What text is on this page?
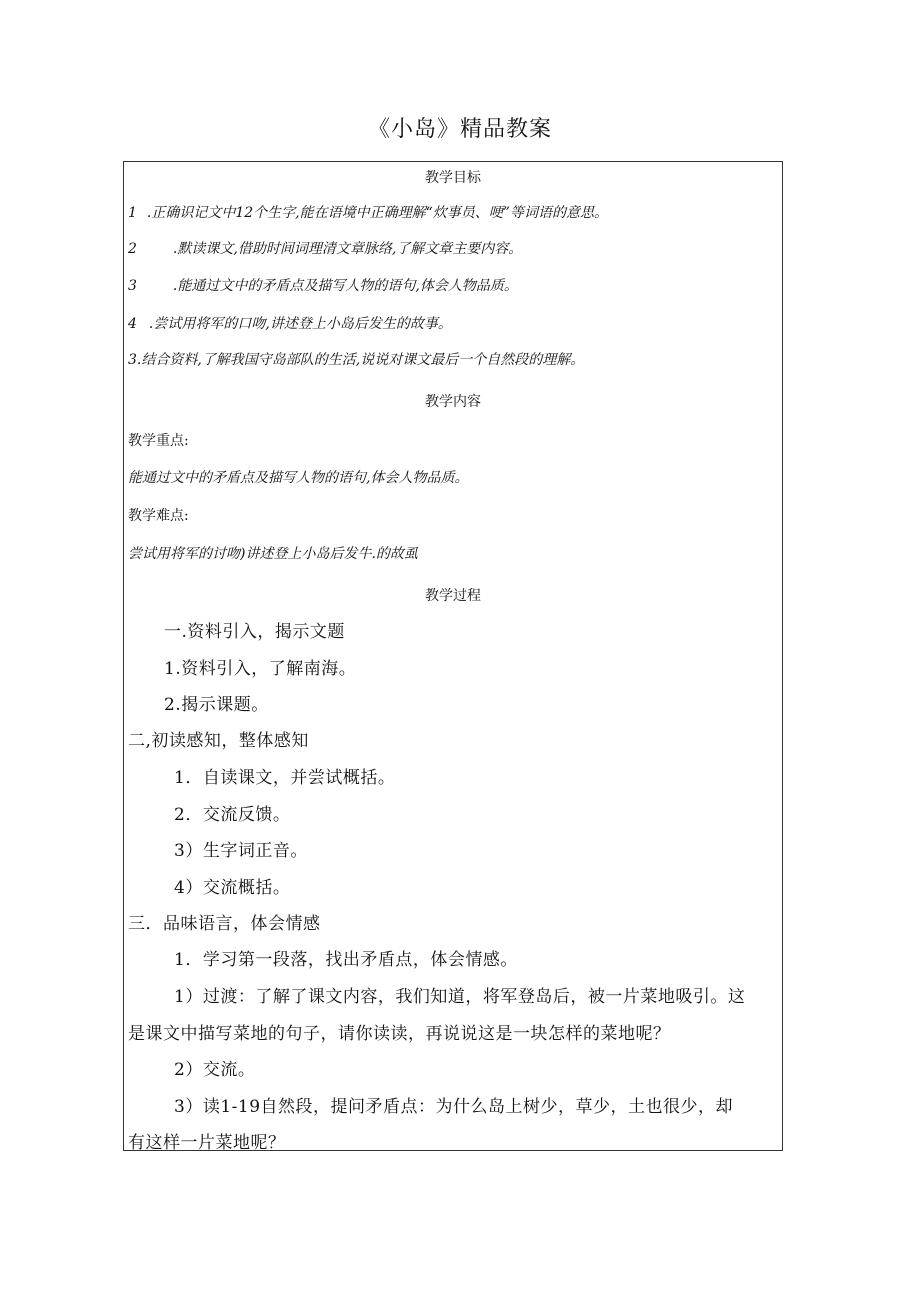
《小岛》精品教案
教学目标
1 .正确识记文中12个生字,能在语境中正确理解“炊事员、哽”等词语的意思。
2	.默读课文,借助时间词理清文章脉络,了解文章主要内容。
3	.能通过文中的矛盾点及描写人物的语句,体会人物品质。
4 .尝试用将军的口吻,讲述登上小岛后发生的故事。
3.结合资料,了解我国守岛部队的生活,说说对课文最后一个自然段的理解。
教学内容
教学重点:
能通过文中的矛盾点及描写人物的语句,体会人物品质。
教学难点:
尝试用将军的讨吻)讲述登上小岛后发牛.的故虱
教学过程
一.资料引入，揭示文题
1.资料引入，了解南海。
2.揭示课题。
二,初读感知，整体感知
1．自读课文，并尝试概括。
2．交流反馈。
3）生字词正音。
4）交流概括。
三．品味语言，体会情感
1．学习第一段落，找出矛盾点，体会情感。
1）过渡：了解了课文内容，我们知道，将军登岛后，被一片菜地吸引。这
是课文中描写菜地的句子，请你读读，再说说这是一块怎样的菜地呢？
2）交流。
3）读1-19自然段，提问矛盾点：为什么岛上树少，草少，土也很少，却
有这样一片菜地呢？
